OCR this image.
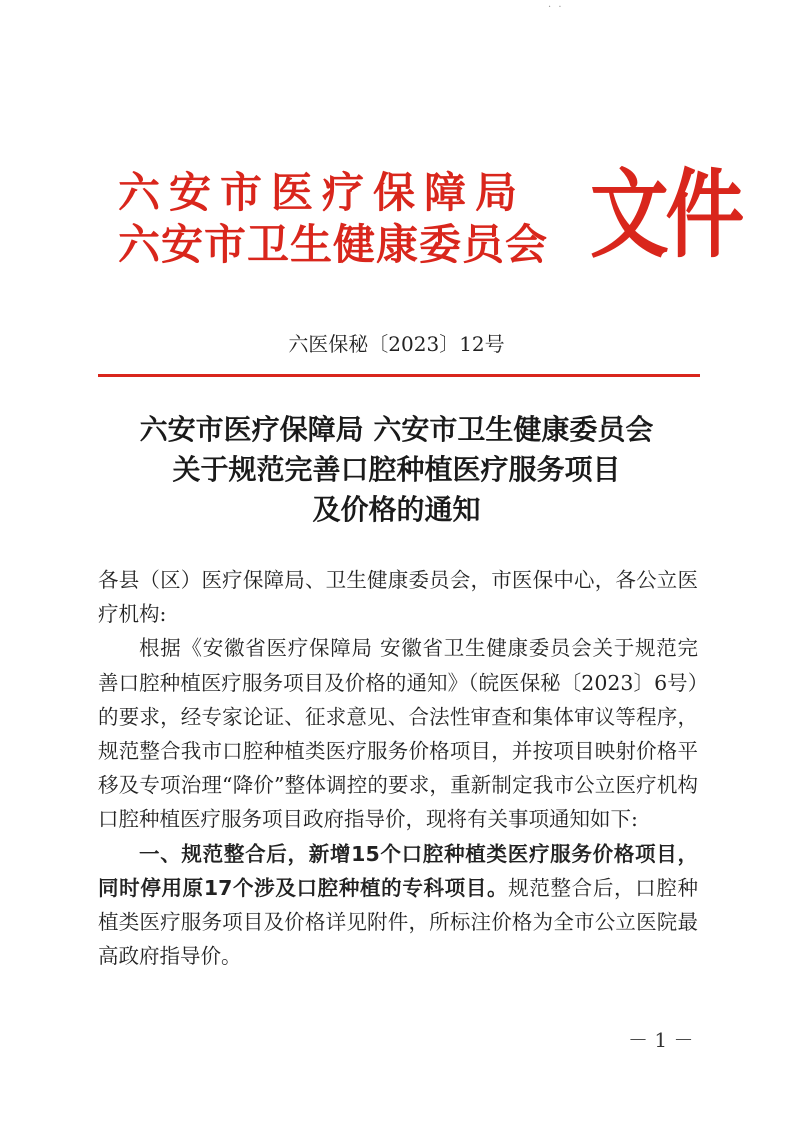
· ·
六安市医疗保障局
六安市卫生健康委员会 文件
六医保秘〔2023〕12号
六安市医疗保障局 六安市卫生健康委员会
关于规范完善口腔种植医疗服务项目
及价格的通知

各县（区）医疗保障局、卫生健康委员会，市医保中心，各公立医疗机构:

根据《安徽省医疗保障局 安徽省卫生健康委员会关于规范完善口腔种植医疗服务项目及价格的通知》（皖医保秘〔2023〕6号）的要求，经专家论证、征求意见、合法性审查和集体审议等程序，规范整合我市口腔种植类医疗服务价格项目，并按项目映射价格平移及专项治理“降价”整体调控的要求，重新制定我市公立医疗机构口腔种植医疗服务项目政府指导价，现将有关事项通知如下:

一、规范整合后，新增15个口腔种植类医疗服务价格项目，同时停用原17个涉及口腔种植的专科项目。规范整合后，口腔种植类医疗服务项目及价格详见附件，所标注价格为全市公立医院最高政府指导价。

－ 1 －
